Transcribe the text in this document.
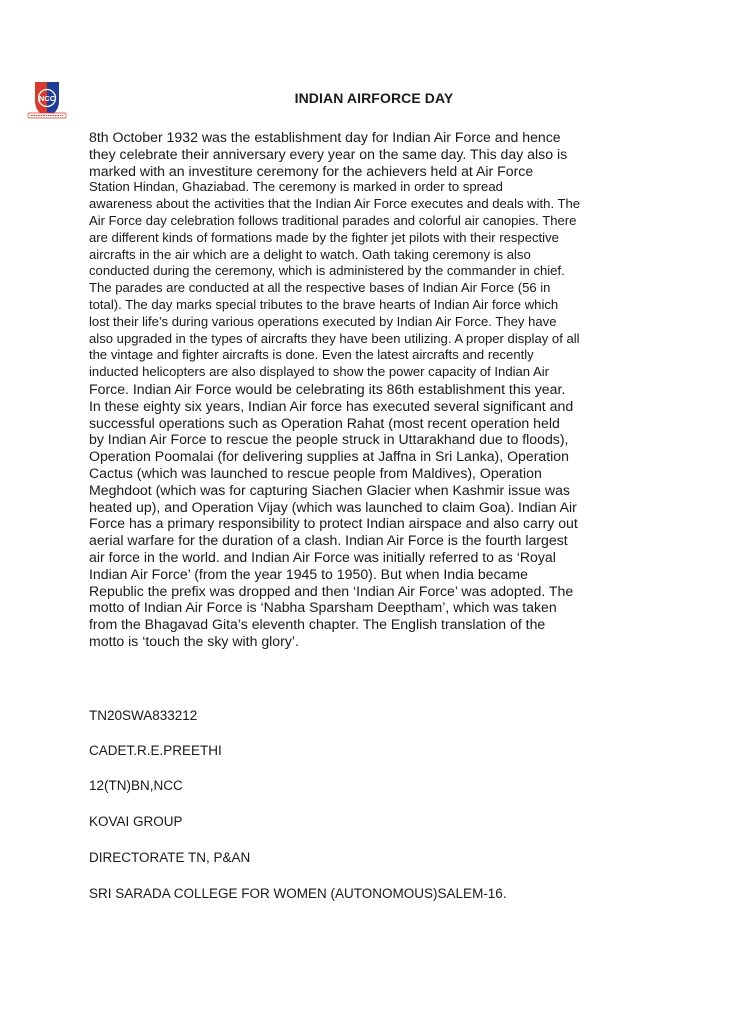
NCC	INDIAN AIRFORCE DAY
8th October 1932 was the establishment day for Indian Air Force and hence
they celebrate their anniversary every year on the same day. This day also is
marked with an investiture ceremony for the achievers held at Air Force
Station Hindan, Ghaziabad. The ceremony is marked in order to spread
awareness about the activities that the Indian Air Force executes and deals with. The
Air Force day celebration follows traditional parades and colorful air canopies. There
are different kinds of formations made by the fighter jet pilots with their respective
aircrafts in the air which are a delight to watch. Oath taking ceremony is also
conducted during the ceremony, which is administered by the commander in chief.
The parades are conducted at all the respective bases of Indian Air Force (56 in
total). The day marks special tributes to the brave hearts of Indian Air force which
lost their life’s during various operations executed by Indian Air Force. They have
also upgraded in the types of aircrafts they have been utilizing. A proper display of all
the vintage and fighter aircrafts is done. Even the latest aircrafts and recently
inducted helicopters are also displayed to show the power capacity of Indian Air
Force. Indian Air Force would be celebrating its 86th establishment this year.
In these eighty six years, Indian Air force has executed several significant and
successful operations such as Operation Rahat (most recent operation held
by Indian Air Force to rescue the people struck in Uttarakhand due to floods),
Operation Poomalai (for delivering supplies at Jaffna in Sri Lanka), Operation
Cactus (which was launched to rescue people from Maldives), Operation
Meghdoot (which was for capturing Siachen Glacier when Kashmir issue was
heated up), and Operation Vijay (which was launched to claim Goa). Indian Air
Force has a primary responsibility to protect Indian airspace and also carry out
aerial warfare for the duration of a clash. Indian Air Force is the fourth largest
air force in the world. and Indian Air Force was initially referred to as ‘Royal
Indian Air Force’ (from the year 1945 to 1950). But when India became
Republic the prefix was dropped and then ‘Indian Air Force’ was adopted. The
motto of Indian Air Force is ‘Nabha Sparsham Deeptham’, which was taken
from the Bhagavad Gita’s eleventh chapter. The English translation of the
motto is ‘touch the sky with glory’.

TN20SWA833212

CADET.R.E.PREETHI

12(TN)BN,NCC

KOVAI GROUP

DIRECTORATE TN, P&AN

SRI SARADA COLLEGE FOR WOMEN (AUTONOMOUS)SALEM-16.
